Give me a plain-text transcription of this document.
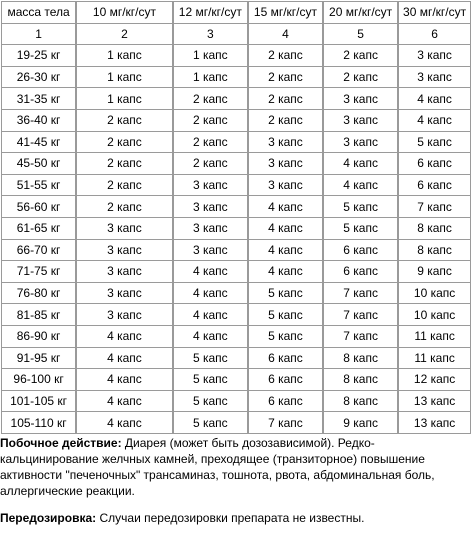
масса тела	10 мг/кг/сут	12 мг/кг/сут	15 мг/кг/сут	20 мг/кг/сут	30 мг/кг/сут
1	2	3	4	5	6
19-25 кг	1 капс	1 капс	2 капс	2 капс	3 капс
26-30 кг	1 капс	1 капс	2 капс	2 капс	3 капс
31-35 кг	1 капс	2 капс	2 капс	3 капс	4 капс
36-40 кг	2 капс	2 капс	2 капс	3 капс	4 капс
41-45 кг	2 капс	2 капс	3 капс	3 капс	5 капс
45-50 кг	2 капс	2 капс	3 капс	4 капс	6 капс
51-55 кг	2 капс	3 капс	3 капс	4 капс	6 капс
56-60 кг	2 капс	3 капс	4 капс	5 капс	7 капс
61-65 кг	3 капс	3 капс	4 капс	5 капс	8 капс
66-70 кг	3 капс	3 капс	4 капс	6 капс	8 капс
71-75 кг	3 капс	4 капс	4 капс	6 капс	9 капс
76-80 кг	3 капс	4 капс	5 капс	7 капс	10 капс
81-85 кг	3 капс	4 капс	5 капс	7 капс	10 капс
86-90 кг	4 капс	4 капс	5 капс	7 капс	11 капс
91-95 кг	4 капс	5 капс	6 капс	8 капс	11 капс
96-100 кг	4 капс	5 капс	6 капс	8 капс	12 капс
101-105 кг	4 капс	5 капс	6 капс	8 капс	13 капс
105-110 кг	4 капс	5 капс	7 капс	9 капс	13 капс
Побочное действие: Диарея (может быть дозозависимой). Редко- кальцинирование желчных камней, преходящее (транзиторное) повышение активности "печеночных" трансаминаз, тошнота, рвота, абдоминальная боль, аллергические реакции.
Передозировка: Случаи передозировки препарата не известны.
